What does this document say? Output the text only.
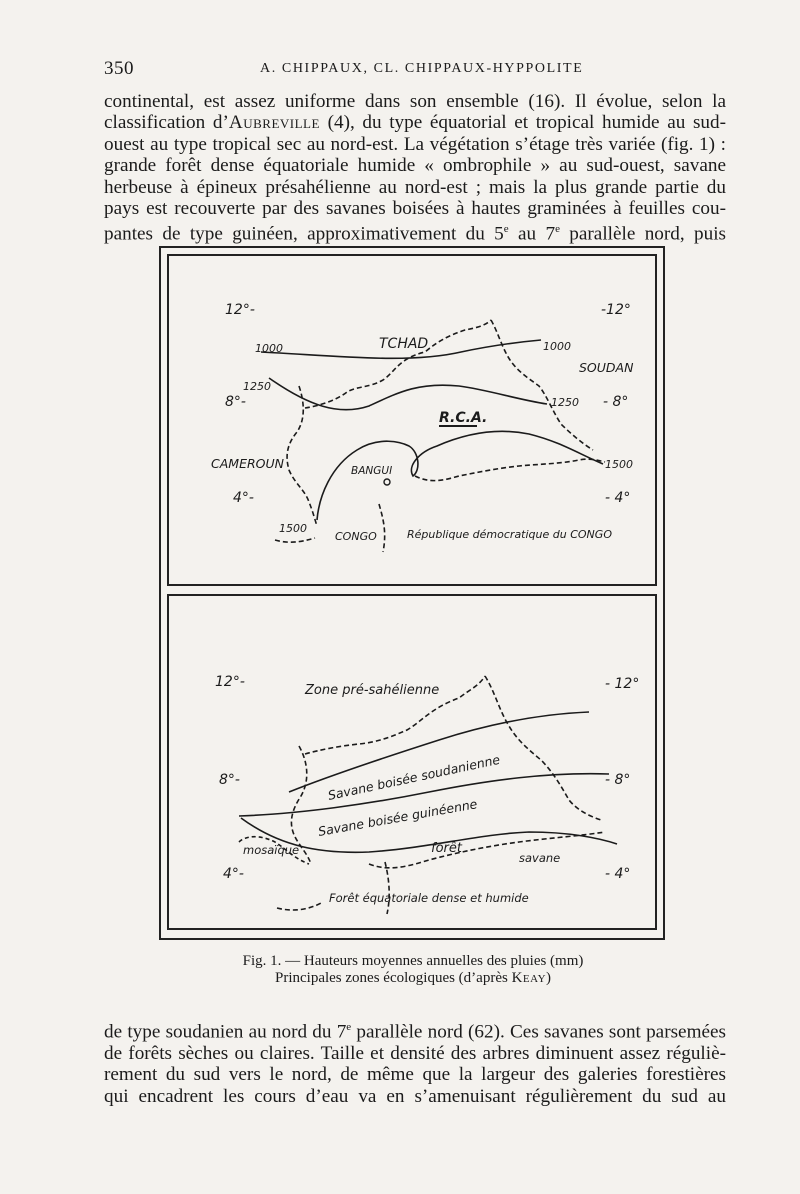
350	A. CHIPPAUX, CL. CHIPPAUX-HYPPOLITE
continental, est assez uniforme dans son ensemble (16). Il évolue, selon la
classification d’Aubreville (4), du type équatorial et tropical humide au sud-
ouest au type tropical sec au nord-est. La végétation s’étage très variée (fig. 1) :
grande forêt dense équatoriale humide « ombrophile » au sud-ouest, savane
herbeuse à épineux présahélienne au nord-est ; mais la plus grande partie du
pays est recouverte par des savanes boisées à hautes graminées à feuilles cou-
pantes de type guinéen, approximativement du 5e au 7e parallèle nord, puis
12°-	-12°
8°-	- 8°
4°-	- 4°
TCHAD
SOUDAN
CAMEROUN
R.C.A.
BANGUI
CONGO	République démocratique du CONGO
1000	1000
1250
1250
1500
1500
12°-	- 12°
8°-	- 8°
4°-	- 4°
Zone pré-sahélienne
Savane boisée soudanienne
Savane boisée guinéenne
mosaïque	forêt
savane
Forêt équatoriale dense et humide
Fig. 1. — Hauteurs moyennes annuelles des pluies (mm)
Principales zones écologiques (d’après Keay)
de type soudanien au nord du 7e parallèle nord (62). Ces savanes sont parsemées
de forêts sèches ou claires. Taille et densité des arbres diminuent assez réguliè-
rement du sud vers le nord, de même que la largeur des galeries forestières
qui encadrent les cours d’eau va en s’amenuisant régulièrement du sud au
